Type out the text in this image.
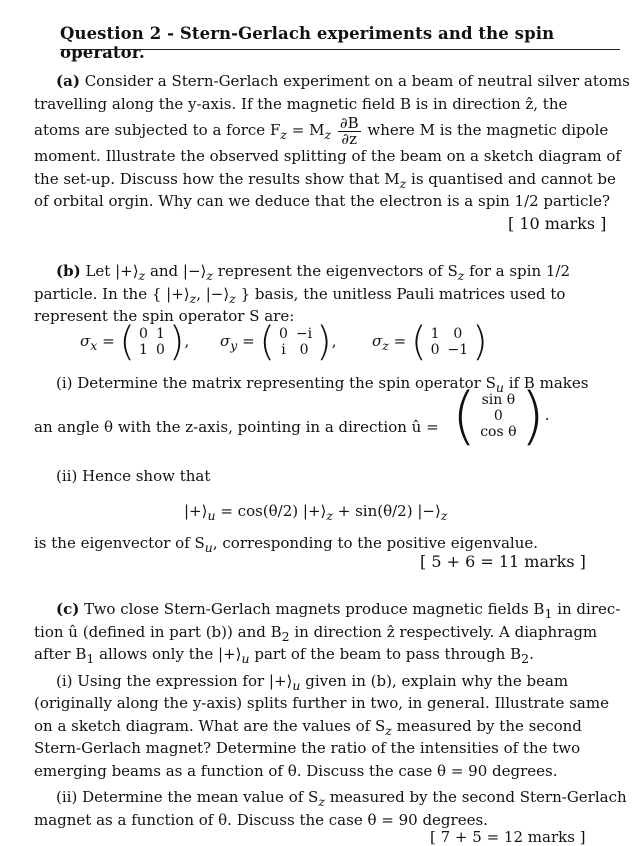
Question 2 - Stern-Gerlach experiments and the spin operator.
(a) Consider a Stern-Gerlach experiment on a beam of neutral silver atoms
travelling along the y-axis. If the magnetic field B is in direction ẑ, the
atoms are subjected to a force $F_z = M_z \frac{\partial B}{\partial z}$ where M is the magnetic dipole
moment. Illustrate the observed splitting of the beam on a sketch diagram of
the set-up. Discuss how the results show that $M_z$ is quantised and cannot be
of orbital orgin. Why can we deduce that the electron is a spin 1/2 particle?
[ 10 marks ]
(b) Let $|+⟩_z$ and $|-⟩_z$ represent the eigenvectors of $S_z$ for a spin 1/2
particle. In the { $|+⟩_z$, $|-⟩_z$ } basis, the unitless Pauli matrices used to
represent the spin operator S are:
$\sigma_x$ = ( 0	1
1	0 ), $\sigma_y$ = ( 0	−i
i	0 ), $\sigma_z$ = ( 1	0
0	−1 )
(i) Determine the matrix representing the spin operator $S_u$ if B makes
an angle θ with the z-axis, pointing in a direction û = ( sin θ
0
cos θ ).
(ii) Hence show that
$|+⟩_u = \cos(\theta/2)$ $|+⟩_z + \sin(\theta/2)$ $|-⟩_z$
is the eigenvector of $S_u$, corresponding to the positive eigenvalue.
[ 5 + 6 = 11 marks ]
(c) Two close Stern-Gerlach magnets produce magnetic fields $B_1$ in direc-
tion û (defined in part (b)) and $B_2$ in direction ẑ respectively. A diaphragm
after $B_1$ allows only the $|+⟩_u$ part of the beam to pass through $B_2$.
(i) Using the expression for $|+⟩_u$ given in (b), explain why the beam
(originally along the y-axis) splits further in two, in general. Illustrate same
on a sketch diagram. What are the values of $S_z$ measured by the second
Stern-Gerlach magnet? Determine the ratio of the intensities of the two
emerging beams as a function of θ. Discuss the case θ = 90 degrees.
(ii) Determine the mean value of $S_z$ measured by the second Stern-Gerlach
magnet as a function of θ. Discuss the case θ = 90 degrees.
[ 7 + 5 = 12 marks ]
